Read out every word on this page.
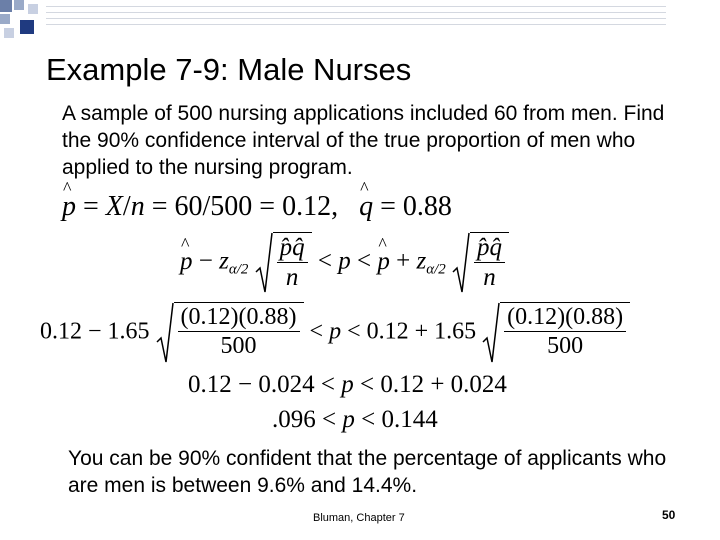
Example 7-9: Male Nurses

A sample of 500 nursing applications included 60 from men. Find the 90% confidence interval of the true proportion of men who applied to the nursing program.

^ p = X/n = 60/500 = 0.12, ^ q = 0.88
^ $p - z_{\alpha/2} \frac{p̂q̂}{n} < p$ < ^ $p + z_{\alpha/2} \frac{p̂q̂}{n}$
$0.12 - 1.65 \frac{(0.12)(0.88)}{500} < p < 0.12 + 1.65 \frac{(0.12)(0.88)}{500}$
0.12 − 0.024 < p < 0.12 + 0.024
.096 < p < 0.144

You can be 90% confident that the percentage of applicants who are men is between 9.6% and 14.4%.

Bluman, Chapter 7	50
